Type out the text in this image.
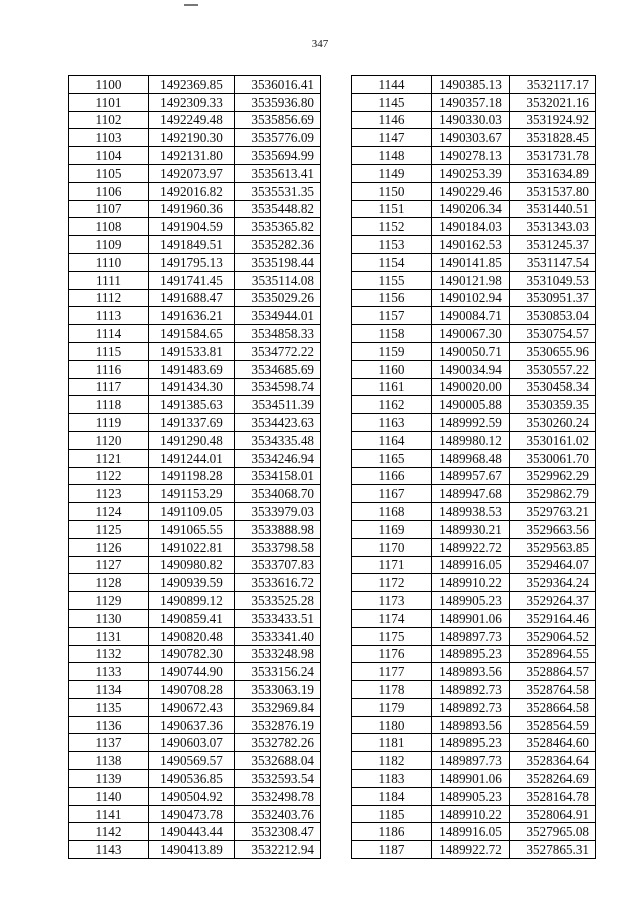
347
1100	1492369.85	3536016.41
1101	1492309.33	3535936.80
1102	1492249.48	3535856.69
1103	1492190.30	3535776.09
1104	1492131.80	3535694.99
1105	1492073.97	3535613.41
1106	1492016.82	3535531.35
1107	1491960.36	3535448.82
1108	1491904.59	3535365.82
1109	1491849.51	3535282.36
1110	1491795.13	3535198.44
1111	1491741.45	3535114.08
1112	1491688.47	3535029.26
1113	1491636.21	3534944.01
1114	1491584.65	3534858.33
1115	1491533.81	3534772.22
1116	1491483.69	3534685.69
1117	1491434.30	3534598.74
1118	1491385.63	3534511.39
1119	1491337.69	3534423.63
1120	1491290.48	3534335.48
1121	1491244.01	3534246.94
1122	1491198.28	3534158.01
1123	1491153.29	3534068.70
1124	1491109.05	3533979.03
1125	1491065.55	3533888.98
1126	1491022.81	3533798.58
1127	1490980.82	3533707.83
1128	1490939.59	3533616.72
1129	1490899.12	3533525.28
1130	1490859.41	3533433.51
1131	1490820.48	3533341.40
1132	1490782.30	3533248.98
1133	1490744.90	3533156.24
1134	1490708.28	3533063.19
1135	1490672.43	3532969.84
1136	1490637.36	3532876.19
1137	1490603.07	3532782.26
1138	1490569.57	3532688.04
1139	1490536.85	3532593.54
1140	1490504.92	3532498.78
1141	1490473.78	3532403.76
1142	1490443.44	3532308.47
1143	1490413.89	3532212.94
1144	1490385.13	3532117.17
1145	1490357.18	3532021.16
1146	1490330.03	3531924.92
1147	1490303.67	3531828.45
1148	1490278.13	3531731.78
1149	1490253.39	3531634.89
1150	1490229.46	3531537.80
1151	1490206.34	3531440.51
1152	1490184.03	3531343.03
1153	1490162.53	3531245.37
1154	1490141.85	3531147.54
1155	1490121.98	3531049.53
1156	1490102.94	3530951.37
1157	1490084.71	3530853.04
1158	1490067.30	3530754.57
1159	1490050.71	3530655.96
1160	1490034.94	3530557.22
1161	1490020.00	3530458.34
1162	1490005.88	3530359.35
1163	1489992.59	3530260.24
1164	1489980.12	3530161.02
1165	1489968.48	3530061.70
1166	1489957.67	3529962.29
1167	1489947.68	3529862.79
1168	1489938.53	3529763.21
1169	1489930.21	3529663.56
1170	1489922.72	3529563.85
1171	1489916.05	3529464.07
1172	1489910.22	3529364.24
1173	1489905.23	3529264.37
1174	1489901.06	3529164.46
1175	1489897.73	3529064.52
1176	1489895.23	3528964.55
1177	1489893.56	3528864.57
1178	1489892.73	3528764.58
1179	1489892.73	3528664.58
1180	1489893.56	3528564.59
1181	1489895.23	3528464.60
1182	1489897.73	3528364.64
1183	1489901.06	3528264.69
1184	1489905.23	3528164.78
1185	1489910.22	3528064.91
1186	1489916.05	3527965.08
1187	1489922.72	3527865.31
